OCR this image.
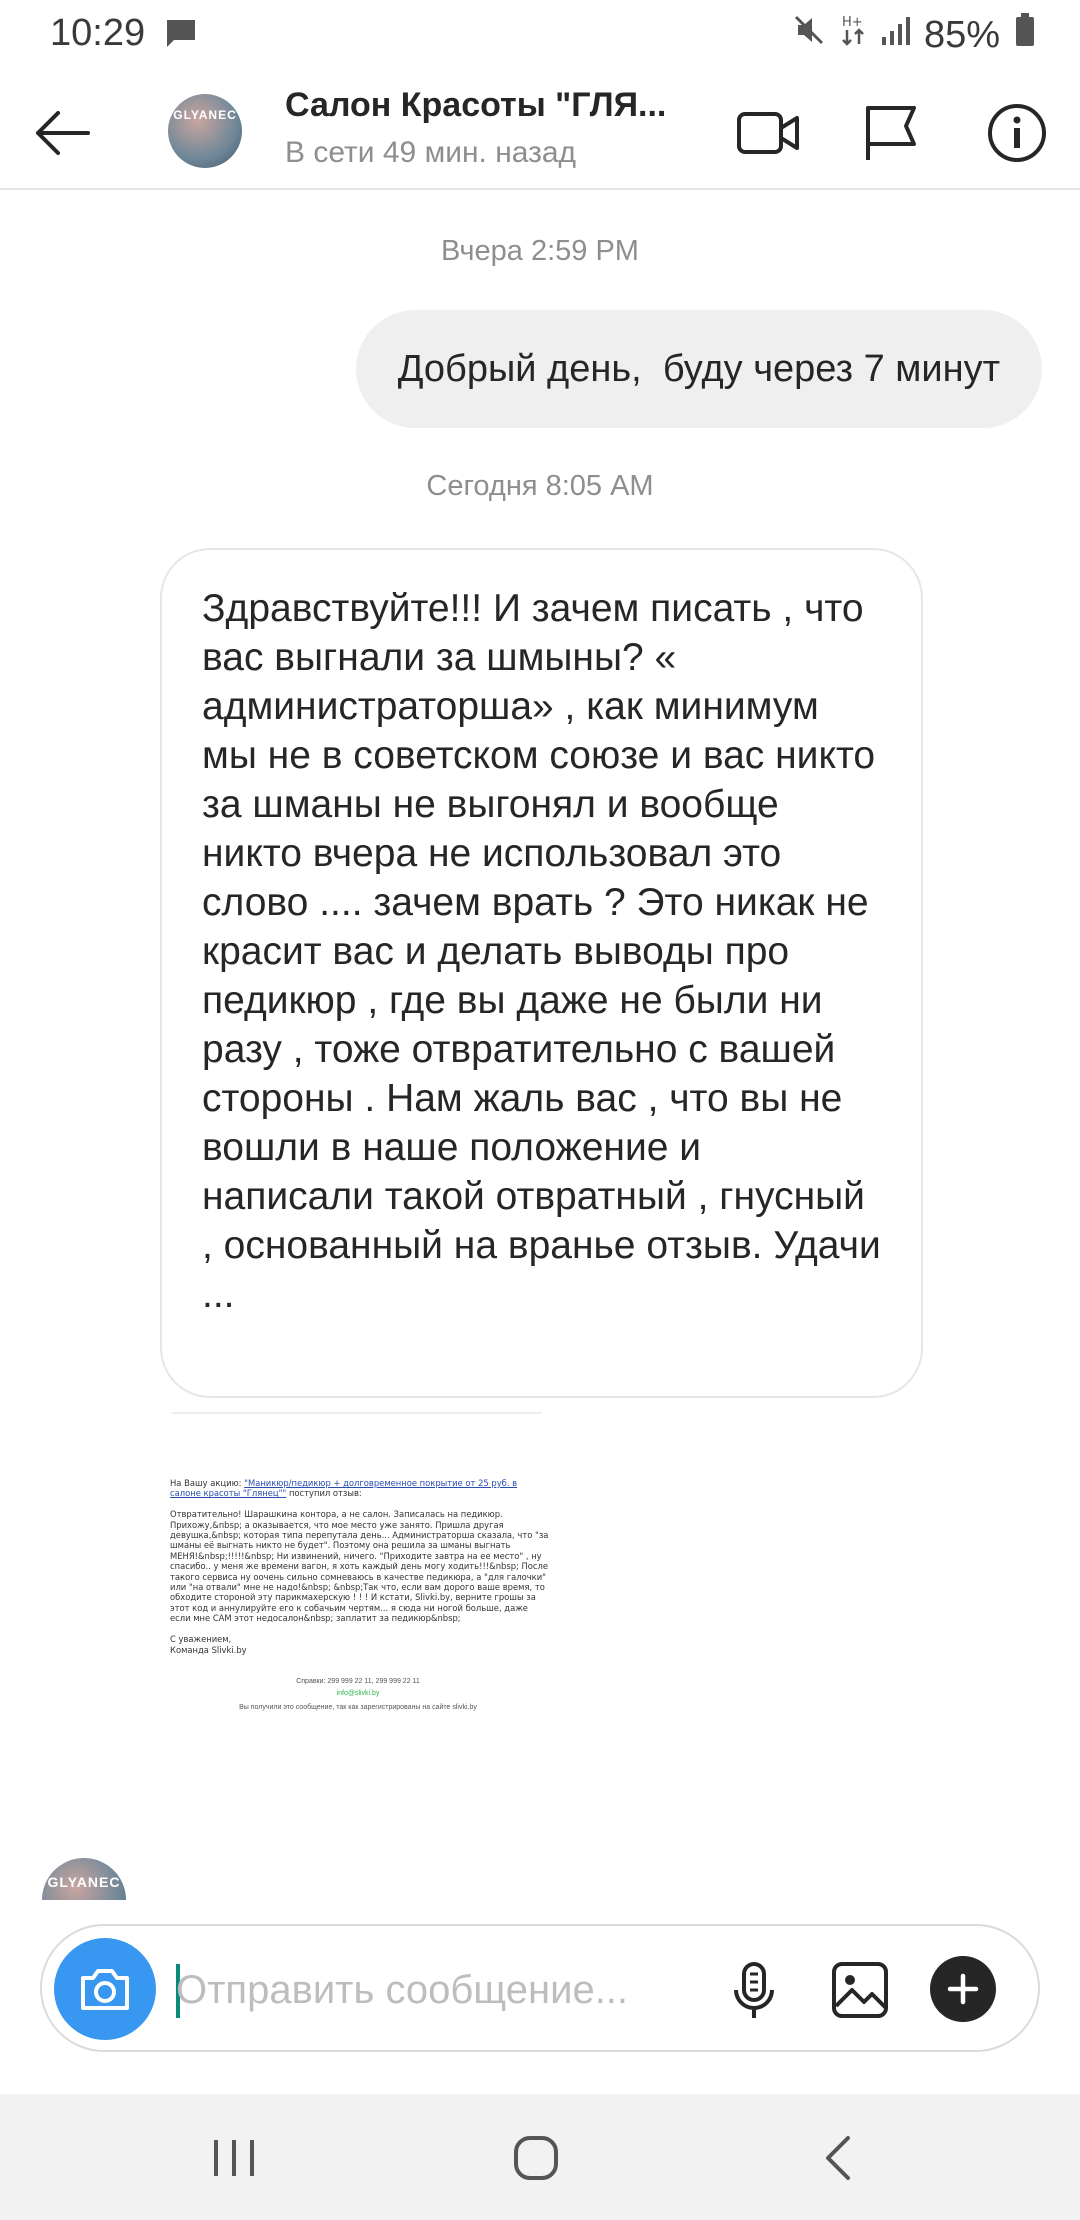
10:29	H+ 85%
GLYANEC Салон Красоты "ГЛЯ...
В сети 49 мин. назад
Вчера 2:59 PM
Добрый день,  буду через 7 минут
Сегодня 8:05 AM
Здравствуйте!!! И зачем писать , что вас выгнали за шмыны? « администраторша» , как минимум мы не в советском союзе и вас никто за шманы не выгонял и вообще никто вчера не использовал это слово .... зачем врать ? Это никак не красит вас и делать выводы про педикюр , где вы даже не были ни разу , тоже отвратительно с вашей стороны . Нам жаль вас , что вы не вошли в наше положение и написали такой отвратный , гнусный , основанный на вранье отзыв. Удачи ...
На Вашу акцию: "Маникюр/педикюр + долговременное покрытие от 25 руб. в салоне красоты "Глянец"" поступил отзыв:

Отвратительно! Шарашкина контора, а не салон. Записалась на педикюр. Прихожу,&nbsp; а оказывается, что мое место уже занято. Пришла другая девушка,&nbsp; которая типа перепутала день... Администраторша сказала, что "за шманы её выгнать никто не будет". Поэтому она решила за шманы выгнать МЕНЯ!&nbsp;!!!!!&nbsp; Ни извинений, ничего. "Приходите завтра на ее место" , ну спасибо.. у меня же времени вагон, я хоть каждый день могу ходить!!!&nbsp; После такого сервиса ну оочень сильно сомневаюсь в качестве педикюра, а "для галочки" или "на отвали" мне не надо!&nbsp; &nbsp;Так что, если вам дорого ваше время, то обходите стороной эту парикмахерскую ! ! ! И кстати, Slivki.by, верните грошы за этот код и аннулируйте его к собачьим чертям... я сюда ни ногой больше, даже если мне САМ этот недосалон&nbsp; заплатит за педикюр&nbsp;

С уважением,
Команда Slivki.by
Справки: 299 999 22 11, 299 999 22 11
info@slivki.by
Вы получили это сообщение, так как зарегистрированы на сайте slivki.by
GLYANEC
Отправить сообщение...
